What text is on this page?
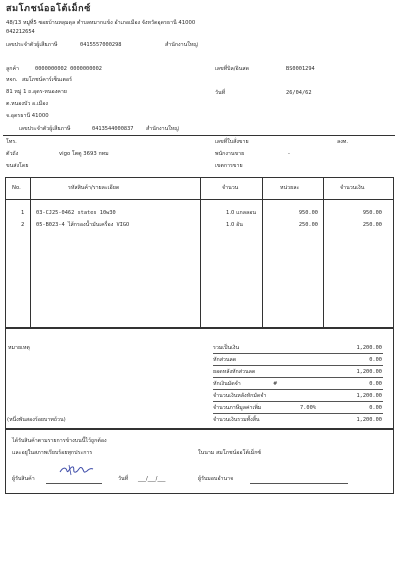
สมโภชน์ออโต้เม็กซ์
48/13 หมู่ที่5 ซอยบ้านหลุมดุล ตำบลหมากแข้ง อำเภอเมือง จังหวัดอุดรธานี 41000
042212654
เลขประจำตัวผู้เสียภาษี	0415557000298	สำนักงานใหญ่
ลูกค้า	0000000002 0000000002
หจก. สมโภชน์คาร์เซ็นเตอร์
81 หมู่ 1 ถ.อุดร-หนองคาย
ต.หนองบัว อ.เมือง
จ.อุดรธานี 41000
เลขประจำตัวผู้เสียภาษี	0413544000837 สำนักงานใหญ่
เลขที่บิล/อินสด	BS0001294
วันที่	26/04/62
โทร.
ตัวถัง	vigo โตตู 3693 กทม
ขนส่งโดย
เลขที่ใบสั่งขาย	ลงท.
พนักงานขาย	-
เขตการขาย
No.	รหัสสินค้า/รายละเอียด	จำนวน	หน่วยละ	จำนวนเงิน
1 03-CJ25-0462 states 10w30	1.0 แกลลอน	950.00	950.00
2 05-B023-4 ไส้กรองน้ำมันเครื่อง VIGO	1.0 อัน	250.00	250.00
หมายเหตุ
(หนึ่งพันสองร้อยบาทถ้วน)
รวมเป็นเงิน	1,200.00
หักส่วนลด	0.00
ยอดหลังหักส่วนลด	1,200.00
หักเงินมัดจำ	#	0.00
จำนวนเงินหลังหักมัดจำ	1,200.00
จำนวนภาษีมูลค่าเพิ่ม	7.00%	0.00
จำนวนเงินรวมทั้งสิ้น	1,200.00
ได้รับสินค้าตามรายการข้างบนนี้ไว้ถูกต้อง
และอยู่ในสภาพเรียบร้อยทุกประการ	ในนาม สมโภชน์ออโต้เม็กซ์
ผู้รับสินค้า	วันที่ ___/___/___	ผู้รับมอบอำนาจ
